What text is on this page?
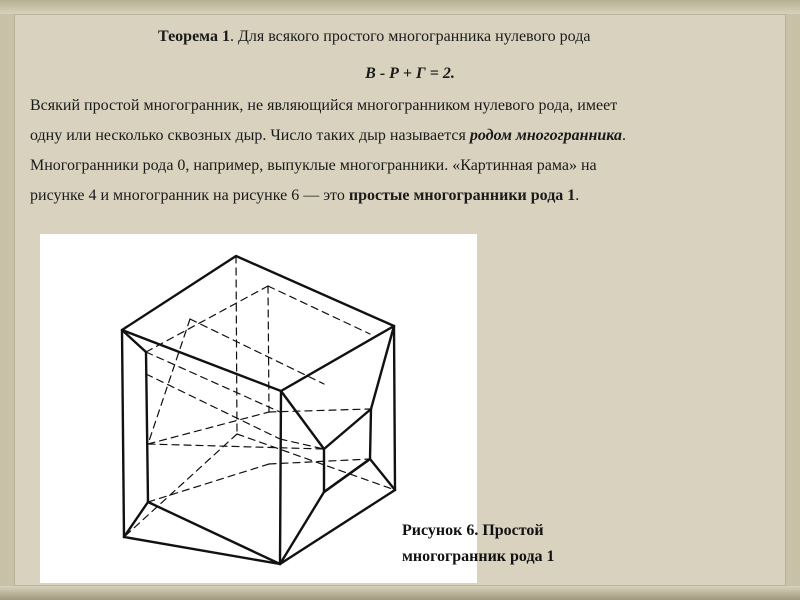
Теорема 1. Для всякого простого многогранника нулевого рода
В - Р + Г = 2.

Всякий простой многогранник, не являющийся многогранником нулевого рода, имеет
одну или несколько сквозных дыр. Число таких дыр называется родом многогранника.
Многогранники рода 0, например, выпуклые многогранники. «Картинная рама» на
рисунке 4 и многогранник на рисунке 6 — это простые многогранники рода 1.

Рисунок 6. Простой
многогранник рода 1
